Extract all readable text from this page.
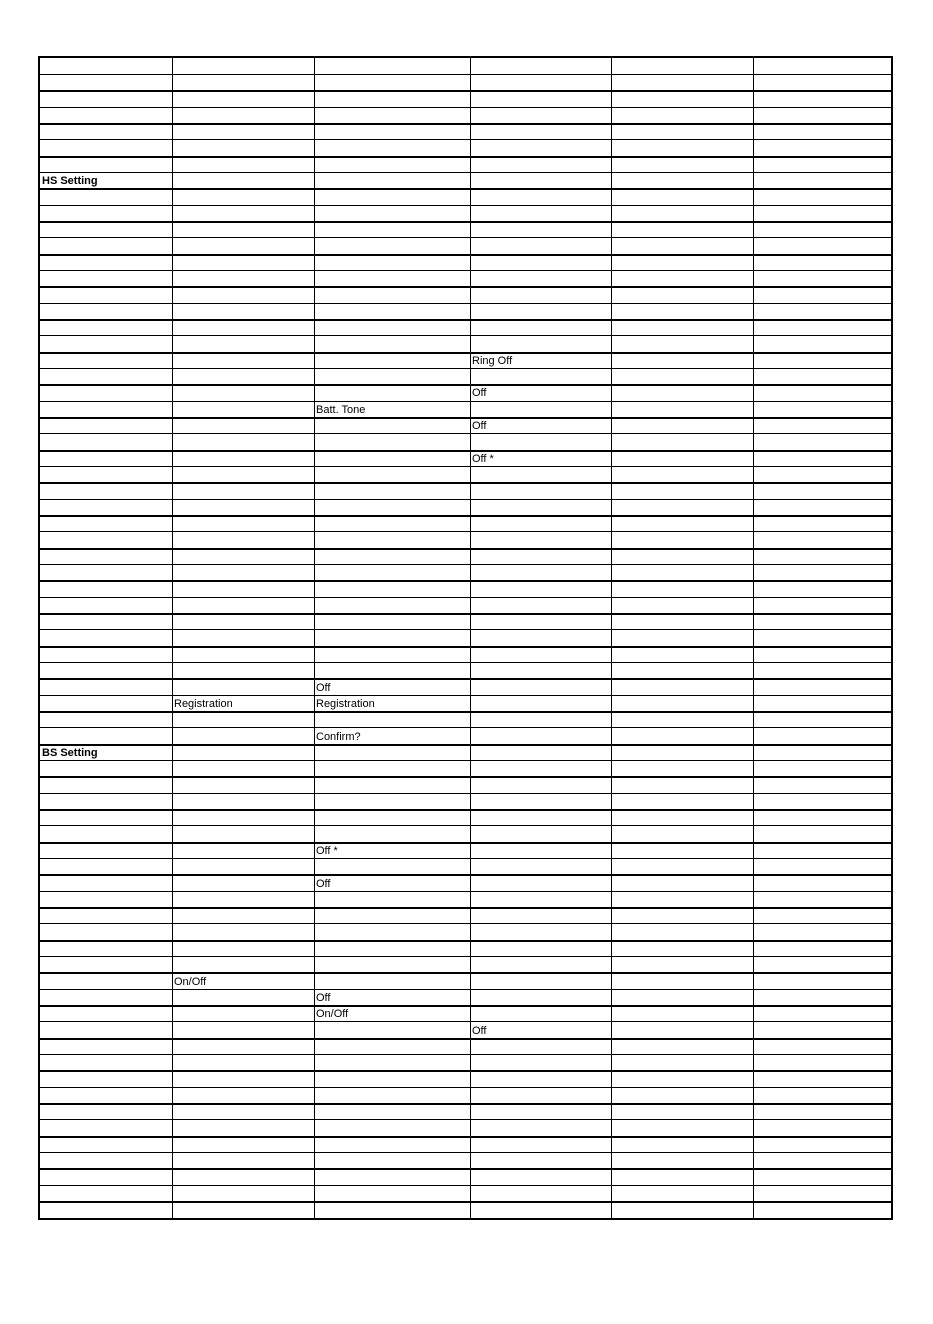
HS Setting
Ring Off
Off
Batt. Tone
Off
Off *
Off
Registration	Registration
Confirm?
BS Setting
Off *
Off
On/Off
Off
On/Off
Off
